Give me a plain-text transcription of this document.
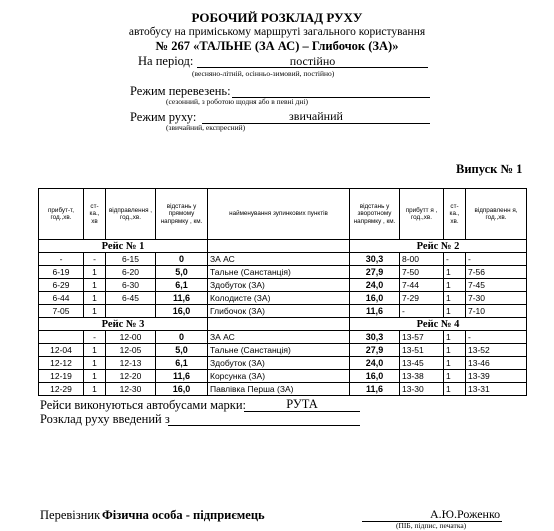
РОБОЧИЙ РОЗКЛАД РУХУ
автобусу на приміському маршруті загального користування
№ 267 «ТАЛЬНЕ (ЗА АС) – Глибочок (ЗА)»
На період:	постійно
(весняно-літній, осінньо-зимовий, постійно)
Режим перевезень:
(сезонний, з роботою щодня або в певні дні)
Режим руху:	звичайний
(звичайний, експресний)
Випуск № 1
прибут-т, год.,хв.	ст-ка., хв	відправлення , год.,хв.	відстань у прямому напрямку , км.	найменування зупинкових пунктів	відстань у зворотному напрямку , км.	прибутт я , год.,хв.	ст-ка., хв.	відправленн я, год.,хв.
Рейс № 1					Рейс № 2			
-	-	6-15	0	ЗА АС	30,3	8-00	-	-
6-19	1	6-20	5,0	Тальне (Санстанція)	27,9	7-50	1	7-56
6-29	1	6-30	6,1	Здобуток (ЗА)	24,0	7-44	1	7-45
6-44	1	6-45	11,6	Колодисте (ЗА)	16,0	7-29	1	7-30
7-05	1		16,0	Глибочок (ЗА)	11,6	-	1	7-10
Рейс № 3					Рейс № 4			
	-	12-00	0	ЗА АС	30,3	13-57	1	-
12-04	1	12-05	5,0	Тальне (Санстанція)	27,9	13-51	1	13-52
12-12	1	12-13	6,1	Здобуток (ЗА)	24,0	13-45	1	13-46
12-19	1	12-20	11,6	Корсунка (ЗА)	16,0	13-38	1	13-39
12-29	1	12-30	16,0	Павлівка Перша (ЗА)	11,6	13-30	1	13-31
Рейси виконуються автобусами марки:	РУТА
Розклад руху введений з
Перевізник Фізична особа - підприємець	А.Ю.Роженко
(ПІБ, підпис, печатка)
